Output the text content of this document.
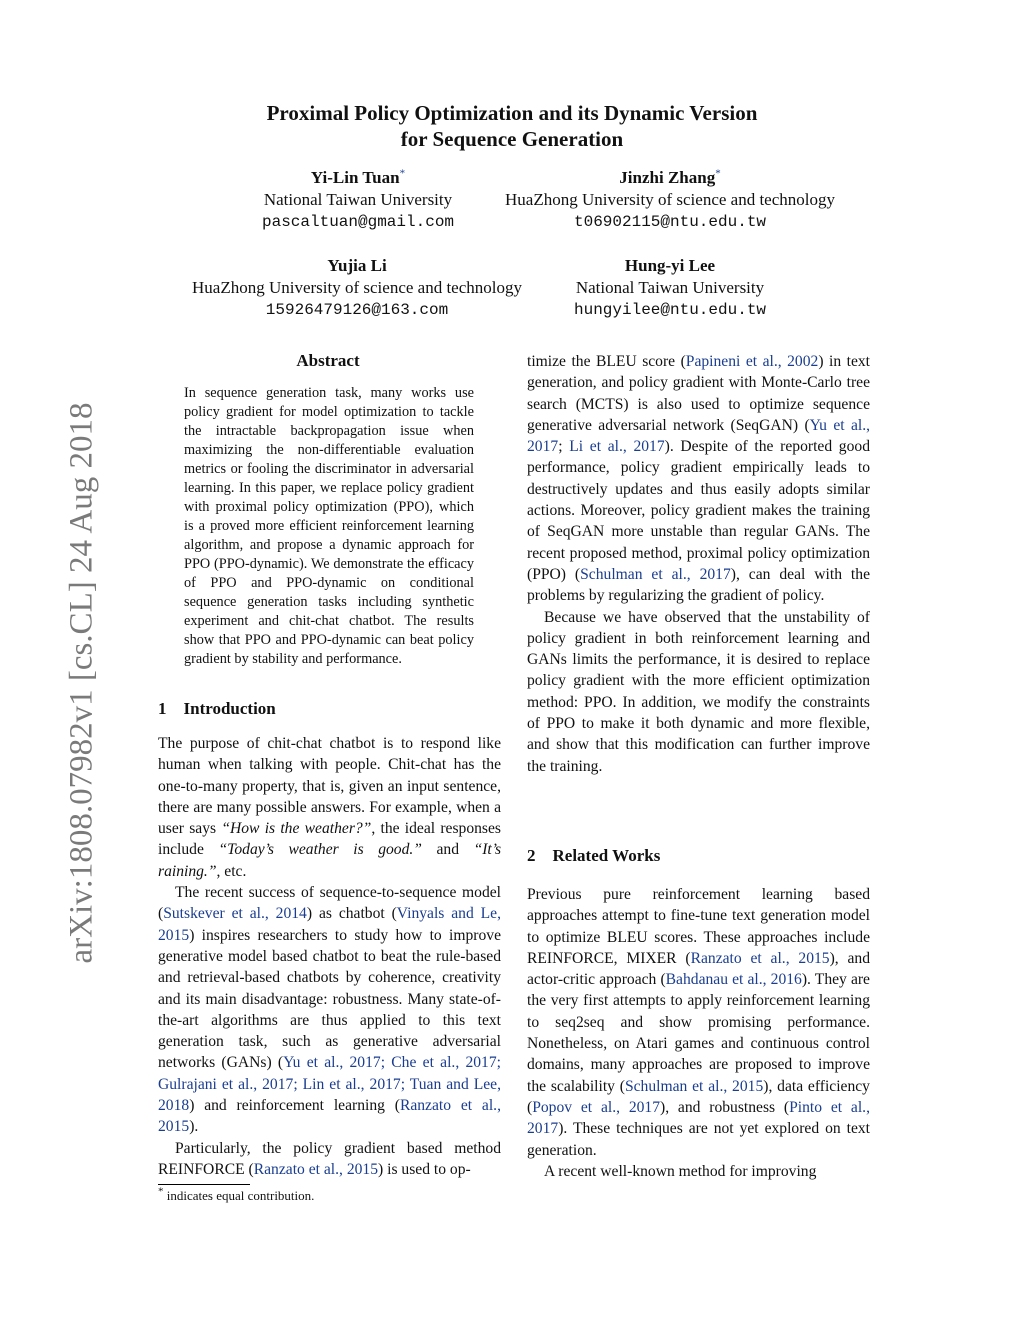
Proximal Policy Optimization and its Dynamic Version
for Sequence Generation
Yi-Lin Tuan*
National Taiwan University
pascaltuan@gmail.com
Jinzhi Zhang*
HuaZhong University of science and technology
t06902115@ntu.edu.tw
Yujia Li
HuaZhong University of science and technology
15926479126@163.com
Hung-yi Lee
National Taiwan University
hungyilee@ntu.edu.tw
arXiv:1808.07982v1 [cs.CL] 24 Aug 2018
Abstract
In sequence generation task, many works use policy gradient for model optimization to tackle the intractable backpropagation issue when maximizing the non-differentiable evaluation metrics or fooling the discriminator in adversarial learning. In this paper, we replace policy gradient with proximal policy optimization (PPO), which is a proved more efficient reinforcement learning algorithm, and propose a dynamic approach for PPO (PPO-dynamic). We demonstrate the efficacy of PPO and PPO-dynamic on conditional sequence generation tasks including synthetic experiment and chit-chat chatbot. The results show that PPO and PPO-dynamic can beat policy gradient by stability and performance.
1 Introduction

The purpose of chit-chat chatbot is to respond like human when talking with people. Chit-chat has the one-to-many property, that is, given an input sentence, there are many possible answers. For example, when a user says “How is the weather?”, the ideal responses include “Today’s weather is good.” and “It’s raining.”, etc.

The recent success of sequence-to-sequence model (Sutskever et al., 2014) as chatbot (Vinyals and Le, 2015) inspires researchers to study how to improve generative model based chatbot to beat the rule-based and retrieval-based chatbots by coherence, creativity and its main disadvantage: robustness. Many state-of-the-art algorithms are thus applied to this text generation task, such as generative adversarial networks (GANs) (Yu et al., 2017; Che et al., 2017; Gulrajani et al., 2017; Lin et al., 2017; Tuan and Lee, 2018) and reinforcement learning (Ranzato et al., 2015).

Particularly, the policy gradient based method REINFORCE (Ranzato et al., 2015) is used to op-

* indicates equal contribution.

timize the BLEU score (Papineni et al., 2002) in text generation, and policy gradient with Monte-Carlo tree search (MCTS) is also used to optimize sequence generative adversarial network (SeqGAN) (Yu et al., 2017; Li et al., 2017). Despite of the reported good performance, policy gradient empirically leads to destructively updates and thus easily adopts similar actions. Moreover, policy gradient makes the training of SeqGAN more unstable than regular GANs. The recent proposed method, proximal policy optimization (PPO) (Schulman et al., 2017), can deal with the problems by regularizing the gradient of policy.

Because we have observed that the unstability of policy gradient in both reinforcement learning and GANs limits the performance, it is desired to replace policy gradient with the more efficient optimization method: PPO. In addition, we modify the constraints of PPO to make it both dynamic and more flexible, and show that this modification can further improve the training.

2 Related Works

Previous pure reinforcement learning based approaches attempt to fine-tune text generation model to optimize BLEU scores. These approaches include REINFORCE, MIXER (Ranzato et al., 2015), and actor-critic approach (Bahdanau et al., 2016). They are the very first attempts to apply reinforcement learning to seq2seq and show promising performance. Nonetheless, on Atari games and continuous control domains, many approaches are proposed to improve the scalability (Schulman et al., 2015), data efficiency (Popov et al., 2017), and robustness (Pinto et al., 2017). These techniques are not yet explored on text generation.

A recent well-known method for improving
